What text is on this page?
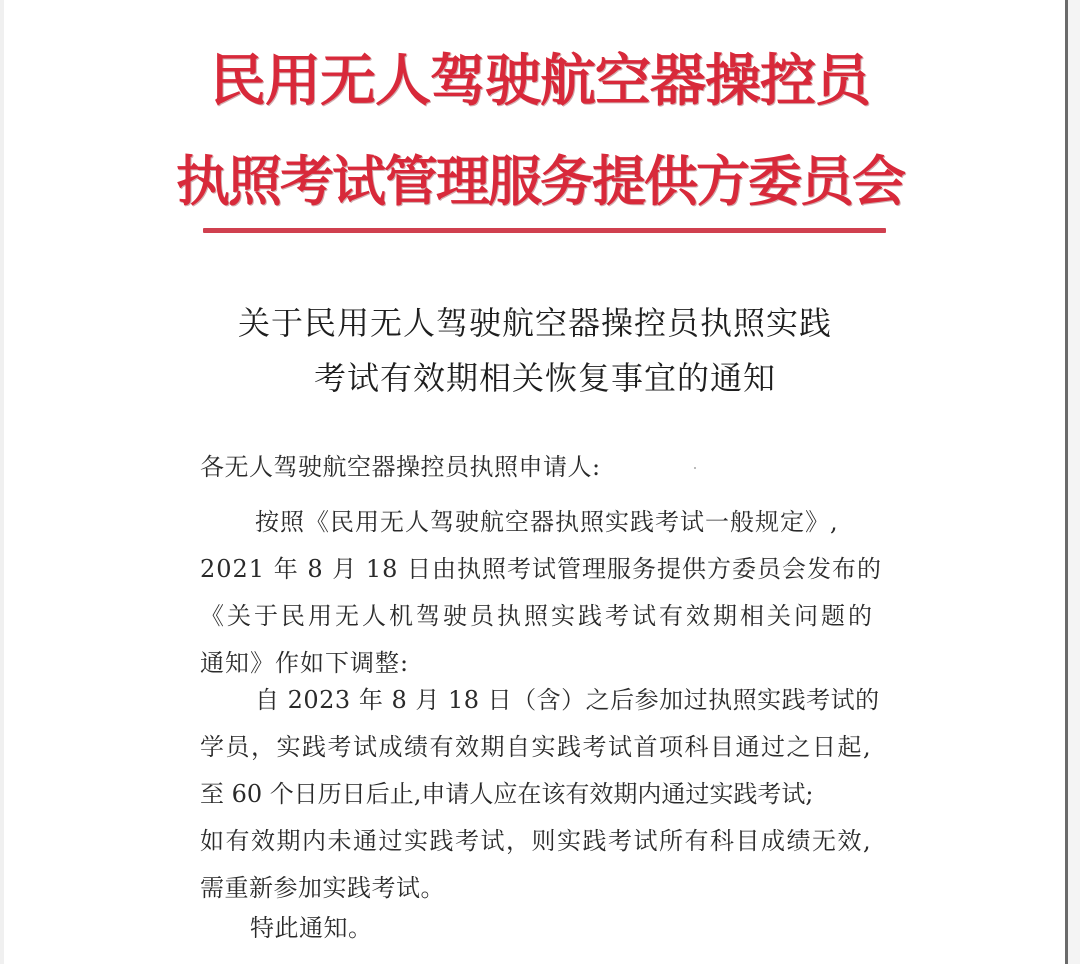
民用无人驾驶航空器操控员
执照考试管理服务提供方委员会
关于民用无人驾驶航空器操控员执照实践
考试有效期相关恢复事宜的通知
各无人驾驶航空器操控员执照申请人:
按照《民用无人驾驶航空器执照实践考试一般规定》,
2021 年 8 月 18 日由执照考试管理服务提供方委员会发布的
《关于民用无人机驾驶员执照实践考试有效期相关问题的
通知》作如下调整:
自 2023 年 8 月 18 日（含）之后参加过执照实践考试的
学员，实践考试成绩有效期自实践考试首项科目通过之日起,
至 60 个日历日后止,申请人应在该有效期内通过实践考试;
如有效期内未通过实践考试，则实践考试所有科目成绩无效,
需重新参加实践考试。
特此通知。
